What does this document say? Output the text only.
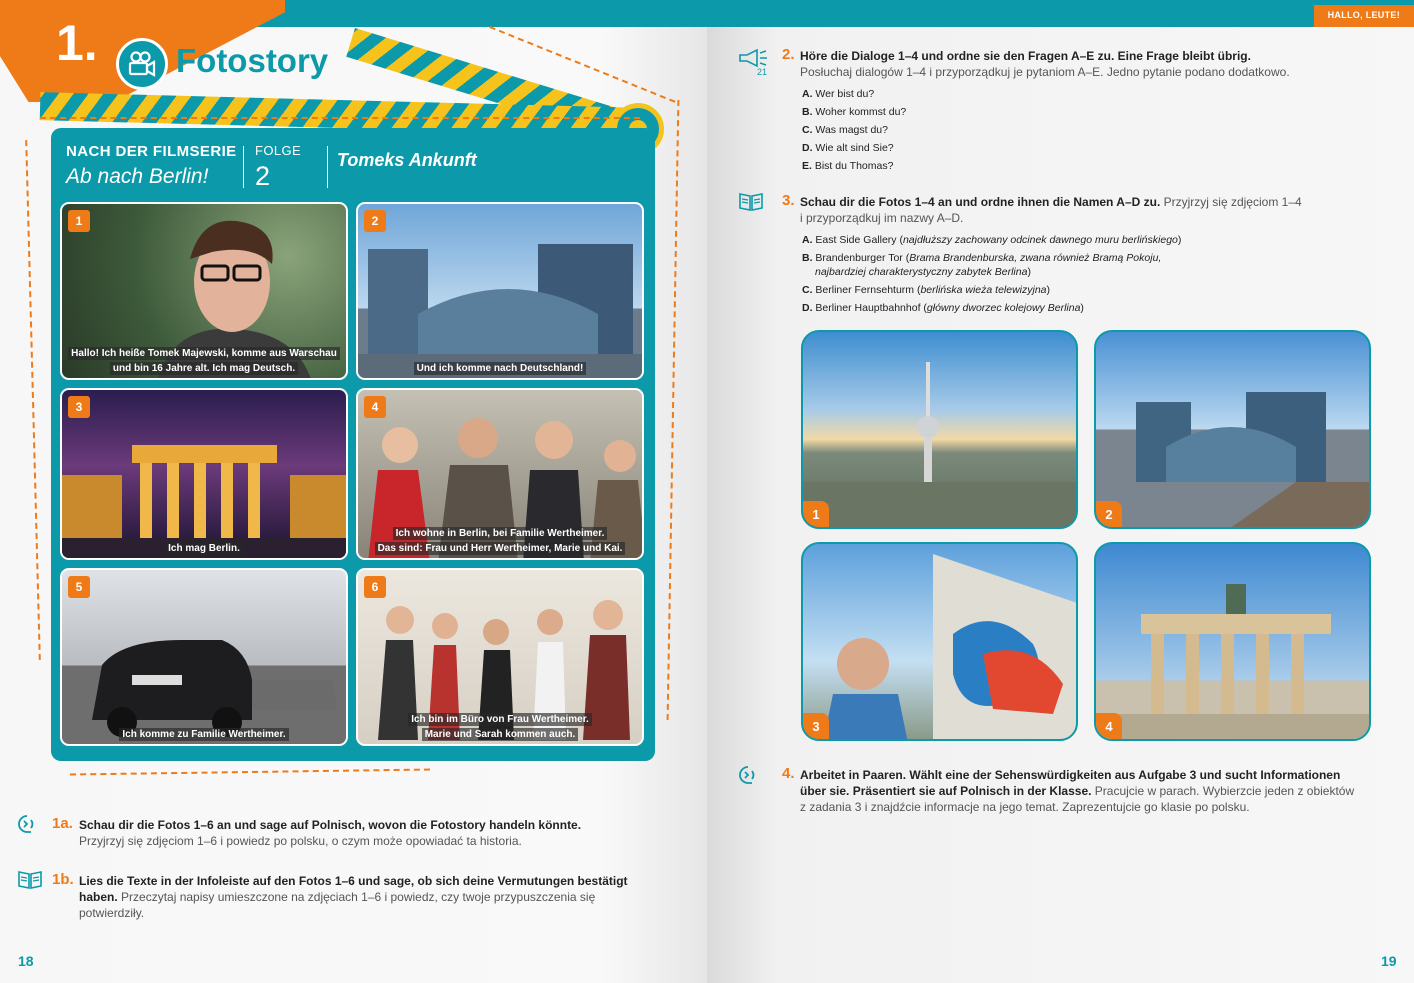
1. Fotostory
NACH DER FILMSERIE
Ab nach Berlin!
FOLGE
2
Tomeks Ankunft
1
Hallo! Ich heiße Tomek Majewski, komme aus Warschau
und bin 16 Jahre alt. Ich mag Deutsch.
2
Und ich komme nach Deutschland!
3
Ich mag Berlin.
4
Ich wohne in Berlin, bei Familie Wertheimer.
Das sind: Frau und Herr Wertheimer, Marie und Kai.
5
Ich komme zu Familie Wertheimer.
6
Ich bin im Büro von Frau Wertheimer.
Marie und Sarah kommen auch.
1a. Schau dir die Fotos 1–6 an und sage auf Polnisch, wovon die Fotostory handeln könnte.
Przyjrzyj się zdjęciom 1–6 i powiedz po polsku, o czym może opowiadać ta historia.
1b. Lies die Texte in der Infoleiste auf den Fotos 1–6 und sage, ob sich deine Vermutungen bestätigt
haben. Przeczytaj napisy umieszczone na zdjęciach 1–6 i powiedz, czy twoje przypuszczenia się
potwierdziły.
18
HALLO, LEUTE!
21
2. Höre die Dialoge 1–4 und ordne sie den Fragen A–E zu. Eine Frage bleibt übrig.
Posłuchaj dialogów 1–4 i przyporządkuj je pytaniom A–E. Jedno pytanie podano dodatkowo.
A. Wer bist du?
B. Woher kommst du?
C. Was magst du?
D. Wie alt sind Sie?
E. Bist du Thomas?
3. Schau dir die Fotos 1–4 an und ordne ihnen die Namen A–D zu. Przyjrzyj się zdjęciom 1–4
i przyporządkuj im nazwy A–D.
A. East Side Gallery (najdłuższy zachowany odcinek dawnego muru berlińskiego)
B. Brandenburger Tor (Brama Brandenburska, zwana również Bramą Pokoju,
najbardziej charakterystyczny zabytek Berlina)
C. Berliner Fernsehturm (berlińska wieża telewizyjna)
D. Berliner Hauptbahnhof (główny dworzec kolejowy Berlina)
1	2
3	4
4. Arbeitet in Paaren. Wählt eine der Sehenswürdigkeiten aus Aufgabe 3 und sucht Informationen
über sie. Präsentiert sie auf Polnisch in der Klasse. Pracujcie w parach. Wybierzcie jeden z obiektów
z zadania 3 i znajdźcie informacje na jego temat. Zaprezentujcie go klasie po polsku.
19
